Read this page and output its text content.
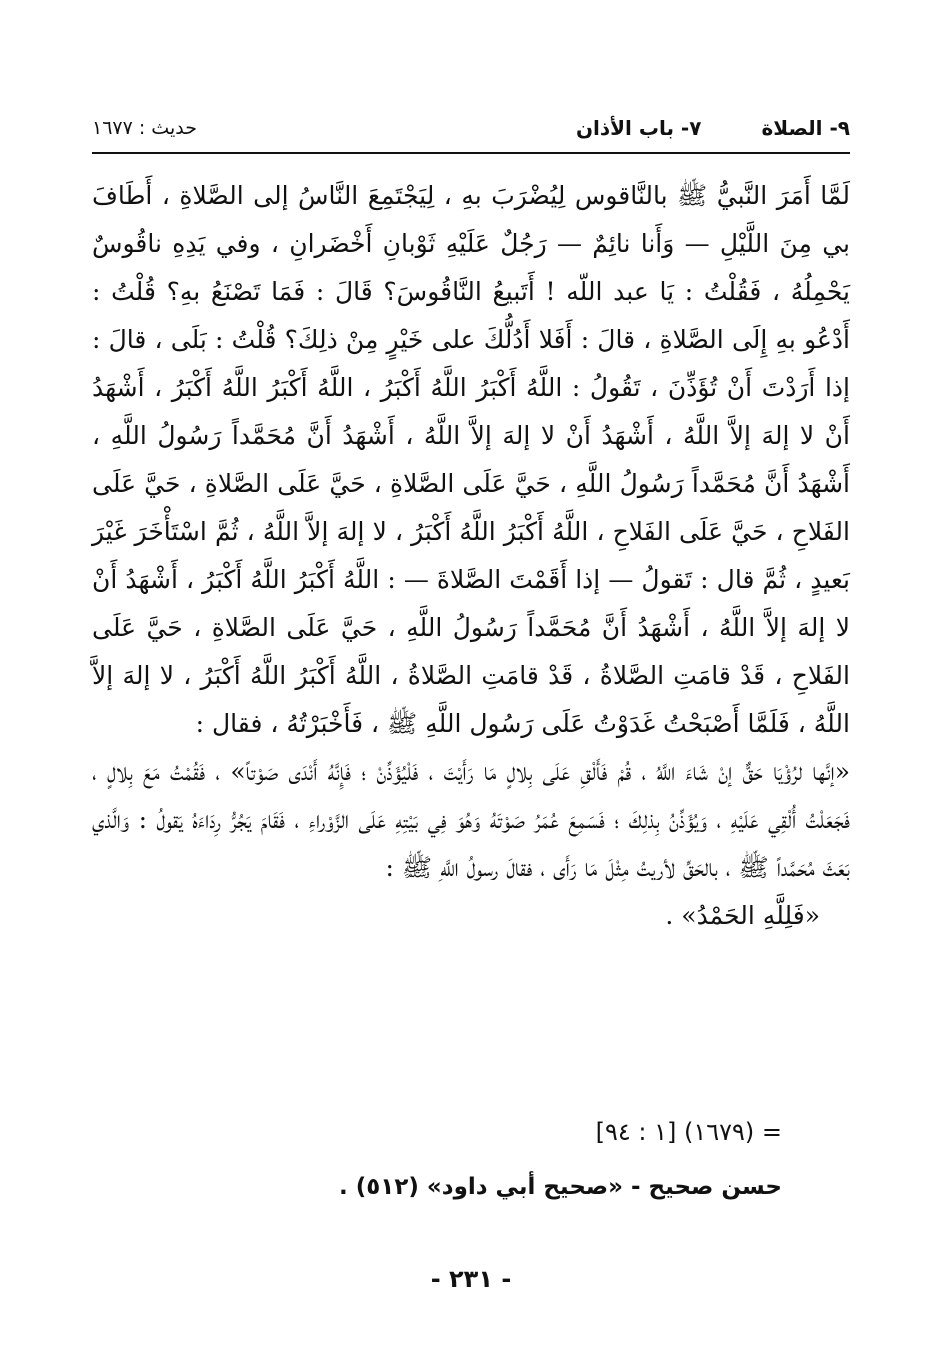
٩- الصلاة
٧- باب الأذان
حديث : ١٦٧٧

لَمَّا أَمَرَ النَّبيُّ ﷺ بالنَّاقوس لِيُضْرَبَ بهِ ، لِيَجْتَمِعَ النَّاسُ إلى الصَّلاةِ ، أَطَافَ بي مِنَ اللَّيْلِ — وَأَنا نائِمٌ — رَجُلٌ عَلَيْهِ ثَوْبانِ أَخْضَرانِ ، وفي يَدِهِ ناقُوسٌ يَحْمِلُهُ ، فَقُلْتُ : يَا عبد اللّه ! أَتَبيعُ النَّاقُوسَ؟ قَالَ : فَمَا تَصْنَعُ بهِ؟ قُلْتُ : أَدْعُو بهِ إِلَى الصَّلاةِ ، قالَ : أَفَلا أَدُلُّكَ على خَيْرٍ مِنْ ذلِكَ؟ قُلْتُ : بَلَى ، قالَ : إذا أَرَدْتَ أَنْ تُؤَذِّنَ ، تَقُولُ : اللَّهُ أَكْبَرُ اللَّهُ أَكْبَرُ ، اللَّهُ أَكْبَرُ اللَّهُ أَكْبَرُ ، أَشْهَدُ أَنْ لا إلهَ إلاَّ اللَّهُ ، أَشْهَدُ أَنْ لا إلهَ إلاَّ اللَّهُ ، أَشْهَدُ أَنَّ مُحَمَّداً رَسُولُ اللَّهِ ، أَشْهَدُ أَنَّ مُحَمَّداً رَسُولُ اللَّهِ ، حَيَّ عَلَى الصَّلاةِ ، حَيَّ عَلَى الصَّلاةِ ، حَيَّ عَلَى الفَلاحِ ، حَيَّ عَلَى الفَلاحِ ، اللَّهُ أَكْبَرُ اللَّهُ أَكْبَرُ ، لا إلهَ إلاَّ اللَّهُ ، ثُمَّ اسْتَأْخَرَ غَيْرَ بَعيدٍ ، ثُمَّ قال : تَقولُ — إذا أَقَمْتَ الصَّلاةَ — : اللَّهُ أَكْبَرُ اللَّهُ أَكْبَرُ ، أَشْهَدُ أَنْ لا إلهَ إلاَّ اللَّهُ ، أَشْهَدُ أَنَّ مُحَمَّداً رَسُولُ اللَّهِ ، حَيَّ عَلَى الصَّلاةِ ، حَيَّ عَلَى الفَلاحِ ، قَدْ قامَتِ الصَّلاةُ ، قَدْ قامَتِ الصَّلاةُ ، اللَّهُ أَكْبَرُ اللَّهُ أَكْبَرُ ، لا إلهَ إلاَّ اللَّهُ ، فَلَمَّا أَصْبَحْتُ غَدَوْتُ عَلَى رَسُول اللَّهِ ﷺ ، فَأَخْبَرْتُهُ ، فقال :

«إنَّها لرُؤْيَا حَقٌّ إنْ شَاءَ اللَّهُ ، قُمْ فَأَلْقِ عَلَى بِلالٍ مَا رَأَيْتَ ، فَلْيُؤَذِّنْ ؛ فَإِنَّهُ أَنْدَى صَوْتاً» ، فَقُمْتُ مَعَ بِلالٍ ، فَجَعَلْتُ أُلْقِي عَلَيْهِ ، وَيُؤَذِّنُ بِذلِكَ ؛ فَسَمِعَ عُمَرُ صَوْتَهُ وَهُوَ فِي بَيْتِهِ عَلَى الزَّوْراءِ ، فَقَامَ يَجُرُّ رِدَاءَهُ يَقولُ : وَالَّذي بَعَثَ مُحَمَّداً ﷺ ، بالحَقِّ لأريتُ مِثْلَ مَا رَأَى ، فقالَ رسولُ اللَّهِ ﷺ :

«فَلِلَّهِ الحَمْدُ» .

= (١٦٧٩) [١ : ٩٤]
حسن صحيح - «صحيح أبي داود» (٥١٢) .
- ٢٣١ -
